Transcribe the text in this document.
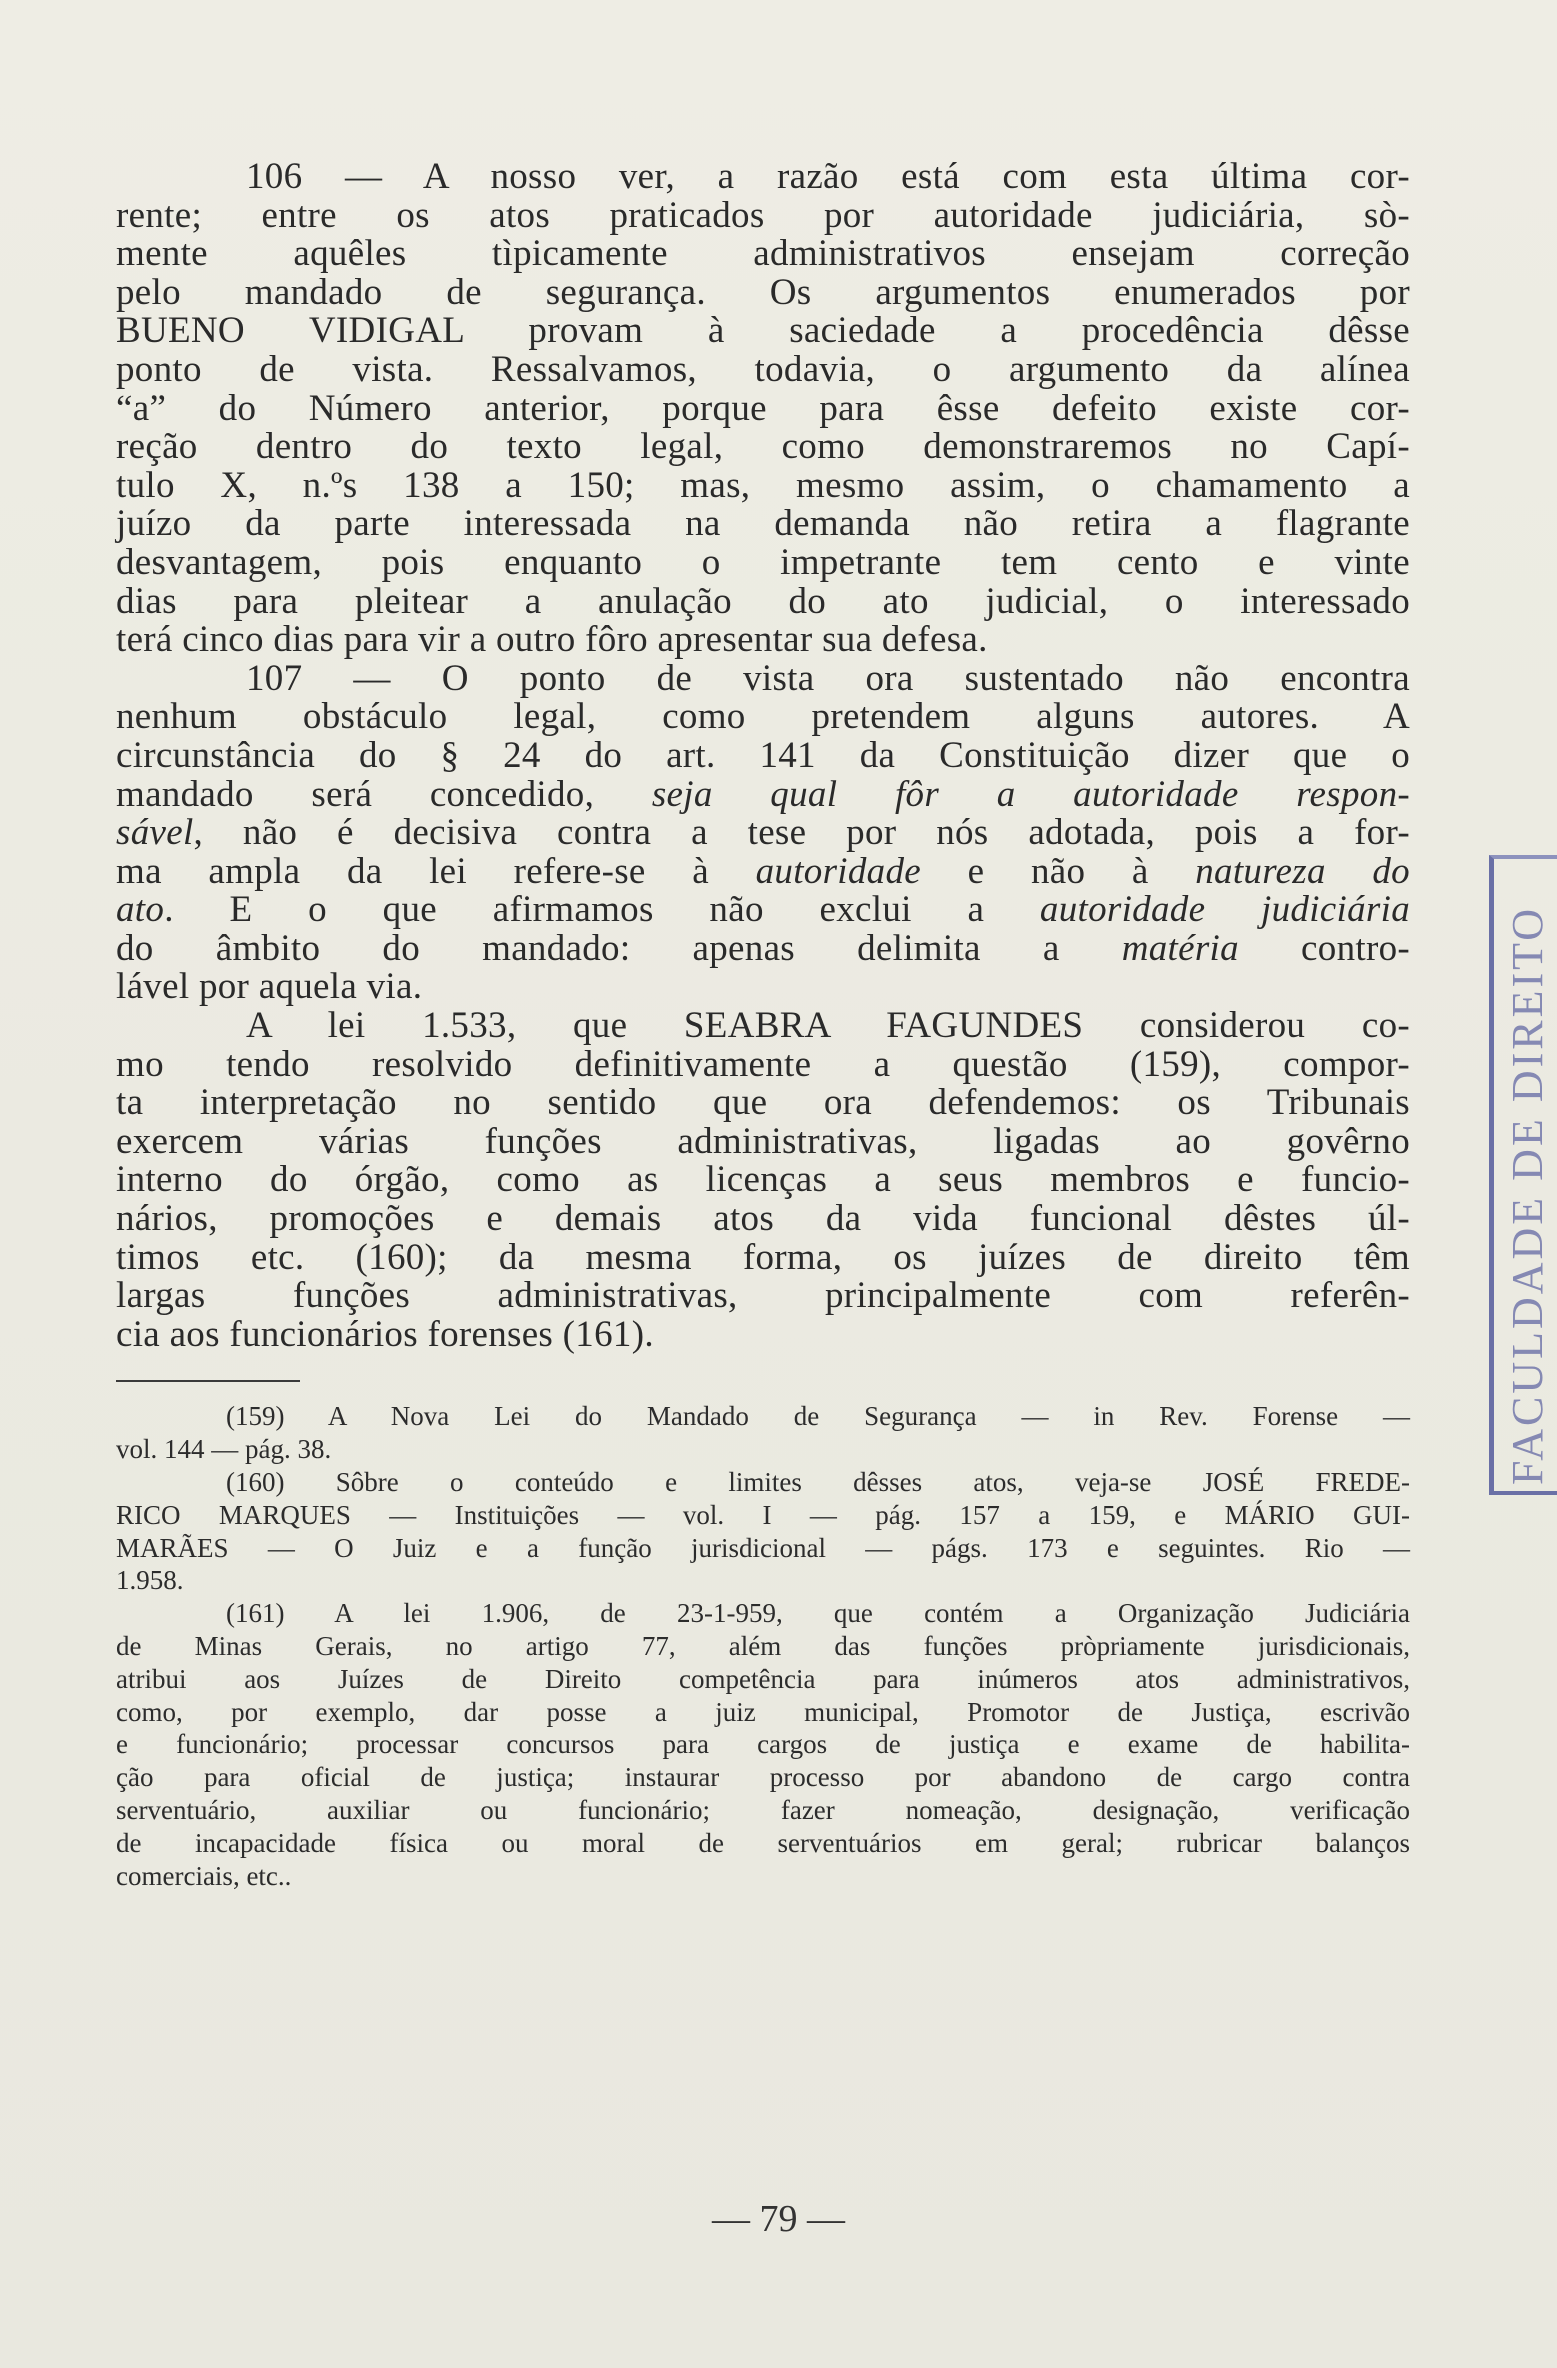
106 — A nosso ver, a razão está com esta última cor-
rente; entre os atos praticados por autoridade judiciária, sò-
mente aquêles tìpicamente administrativos ensejam correção
pelo mandado de segurança. Os argumentos enumerados por
BUENO VIDIGAL provam à saciedade a procedência dêsse
ponto de vista. Ressalvamos, todavia, o argumento da alínea
“a” do Número anterior, porque para êsse defeito existe cor-
reção dentro do texto legal, como demonstraremos no Capí-
tulo X, n.ºs 138 a 150; mas, mesmo assim, o chamamento a
juízo da parte interessada na demanda não retira a flagrante
desvantagem, pois enquanto o impetrante tem cento e vinte
dias para pleitear a anulação do ato judicial, o interessado
terá cinco dias para vir a outro fôro apresentar sua defesa.

107 — O ponto de vista ora sustentado não encontra
nenhum obstáculo legal, como pretendem alguns autores. A
circunstância do § 24 do art. 141 da Constituição dizer que o
mandado será concedido, seja qual fôr a autoridade respon-
sável, não é decisiva contra a tese por nós adotada, pois a for-
ma ampla da lei refere-se à autoridade e não à natureza do
ato. E o que afirmamos não exclui a autoridade judiciária
do âmbito do mandado: apenas delimita a matéria contro-
lável por aquela via.

A lei 1.533, que SEABRA FAGUNDES considerou co-
mo tendo resolvido definitivamente a questão (159), compor-
ta interpretação no sentido que ora defendemos: os Tribunais
exercem várias funções administrativas, ligadas ao govêrno
interno do órgão, como as licenças a seus membros e funcio-
nários, promoções e demais atos da vida funcional dêstes úl-
timos etc. (160); da mesma forma, os juízes de direito têm
largas funções administrativas, principalmente com referên-
cia aos funcionários forenses (161).

(159) A Nova Lei do Mandado de Segurança — in Rev. Forense —
vol. 144 — pág. 38.
(160) Sôbre o conteúdo e limites dêsses atos, veja-se JOSÉ FREDE-
RICO MARQUES — Instituições — vol. I — pág. 157 a 159, e MÁRIO GUI-
MARÃES — O Juiz e a função jurisdicional — págs. 173 e seguintes. Rio —
1.958.
(161) A lei 1.906, de 23-1-959, que contém a Organização Judiciária
de Minas Gerais, no artigo 77, além das funções pròpriamente jurisdicionais,
atribui aos Juízes de Direito competência para inúmeros atos administrativos,
como, por exemplo, dar posse a juiz municipal, Promotor de Justiça, escrivão
e funcionário; processar concursos para cargos de justiça e exame de habilita-
ção para oficial de justiça; instaurar processo por abandono de cargo contra
serventuário, auxiliar ou funcionário; fazer nomeação, designação, verificação
de incapacidade física ou moral de serventuários em geral; rubricar balanços
comerciais, etc..
FACULDADE DE DIREITO
— 79 —
